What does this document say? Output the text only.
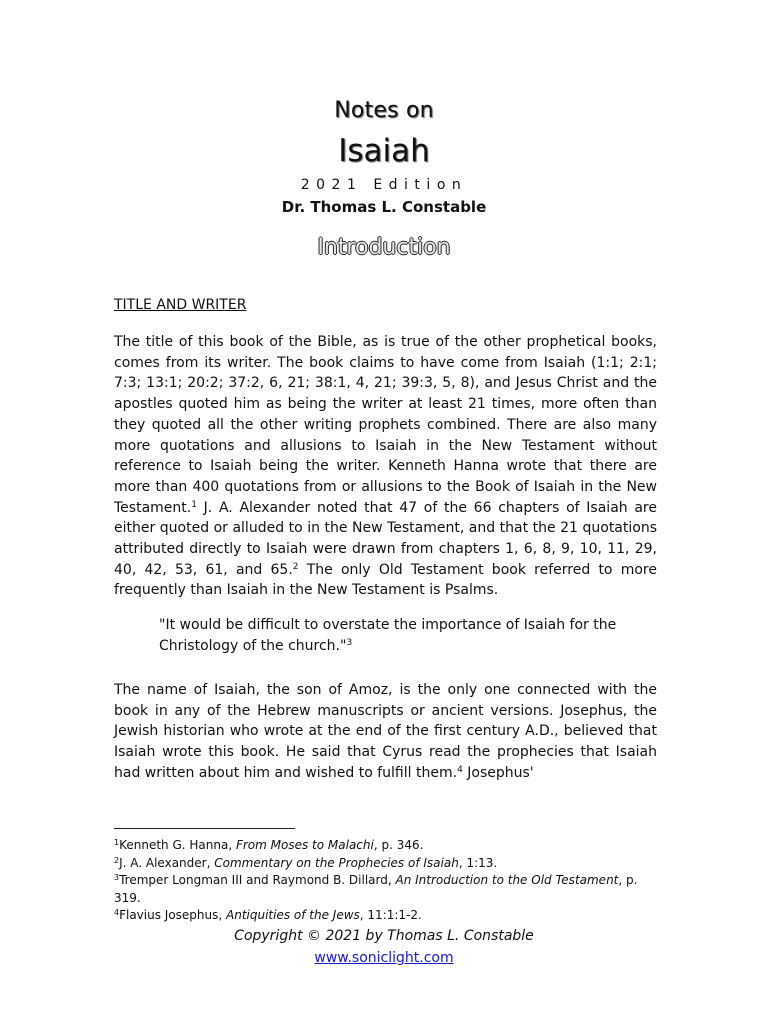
Notes on
Isaiah
2021 Edition
Dr. Thomas L. Constable
Introduction
TITLE AND WRITER
The title of this book of the Bible, as is true of the other prophetical books, comes from its writer. The book claims to have come from Isaiah (1:1; 2:1; 7:3; 13:1; 20:2; 37:2, 6, 21; 38:1, 4, 21; 39:3, 5, 8), and Jesus Christ and the apostles quoted him as being the writer at least 21 times, more often than they quoted all the other writing prophets combined. There are also many more quotations and allusions to Isaiah in the New Testament without reference to Isaiah being the writer. Kenneth Hanna wrote that there are more than 400 quotations from or allusions to the Book of Isaiah in the New Testament.$^1$ J. A. Alexander noted that 47 of the 66 chapters of Isaiah are either quoted or alluded to in the New Testament, and that the 21 quotations attributed directly to Isaiah were drawn from chapters 1, 6, 8, 9, 10, 11, 29, 40, 42, 53, 61, and 65.$^2$ The only Old Testament book referred to more frequently than Isaiah in the New Testament is Psalms.
"It would be difficult to overstate the importance of Isaiah for the Christology of the church."$^3$
The name of Isaiah, the son of Amoz, is the only one connected with the book in any of the Hebrew manuscripts or ancient versions. Josephus, the Jewish historian who wrote at the end of the first century A.D., believed that Isaiah wrote this book. He said that Cyrus read the prophecies that Isaiah had written about him and wished to fulfill them.$^4$ Josephus'
$^1$Kenneth G. Hanna, From Moses to Malachi, p. 346.
$^2$J. A. Alexander, Commentary on the Prophecies of Isaiah, 1:13.
$^3$Tremper Longman III and Raymond B. Dillard, An Introduction to the Old Testament, p. 319.
$^4$Flavius Josephus, Antiquities of the Jews, 11:1:1-2.
Copyright © 2021 by Thomas L. Constable
www.soniclight.com
